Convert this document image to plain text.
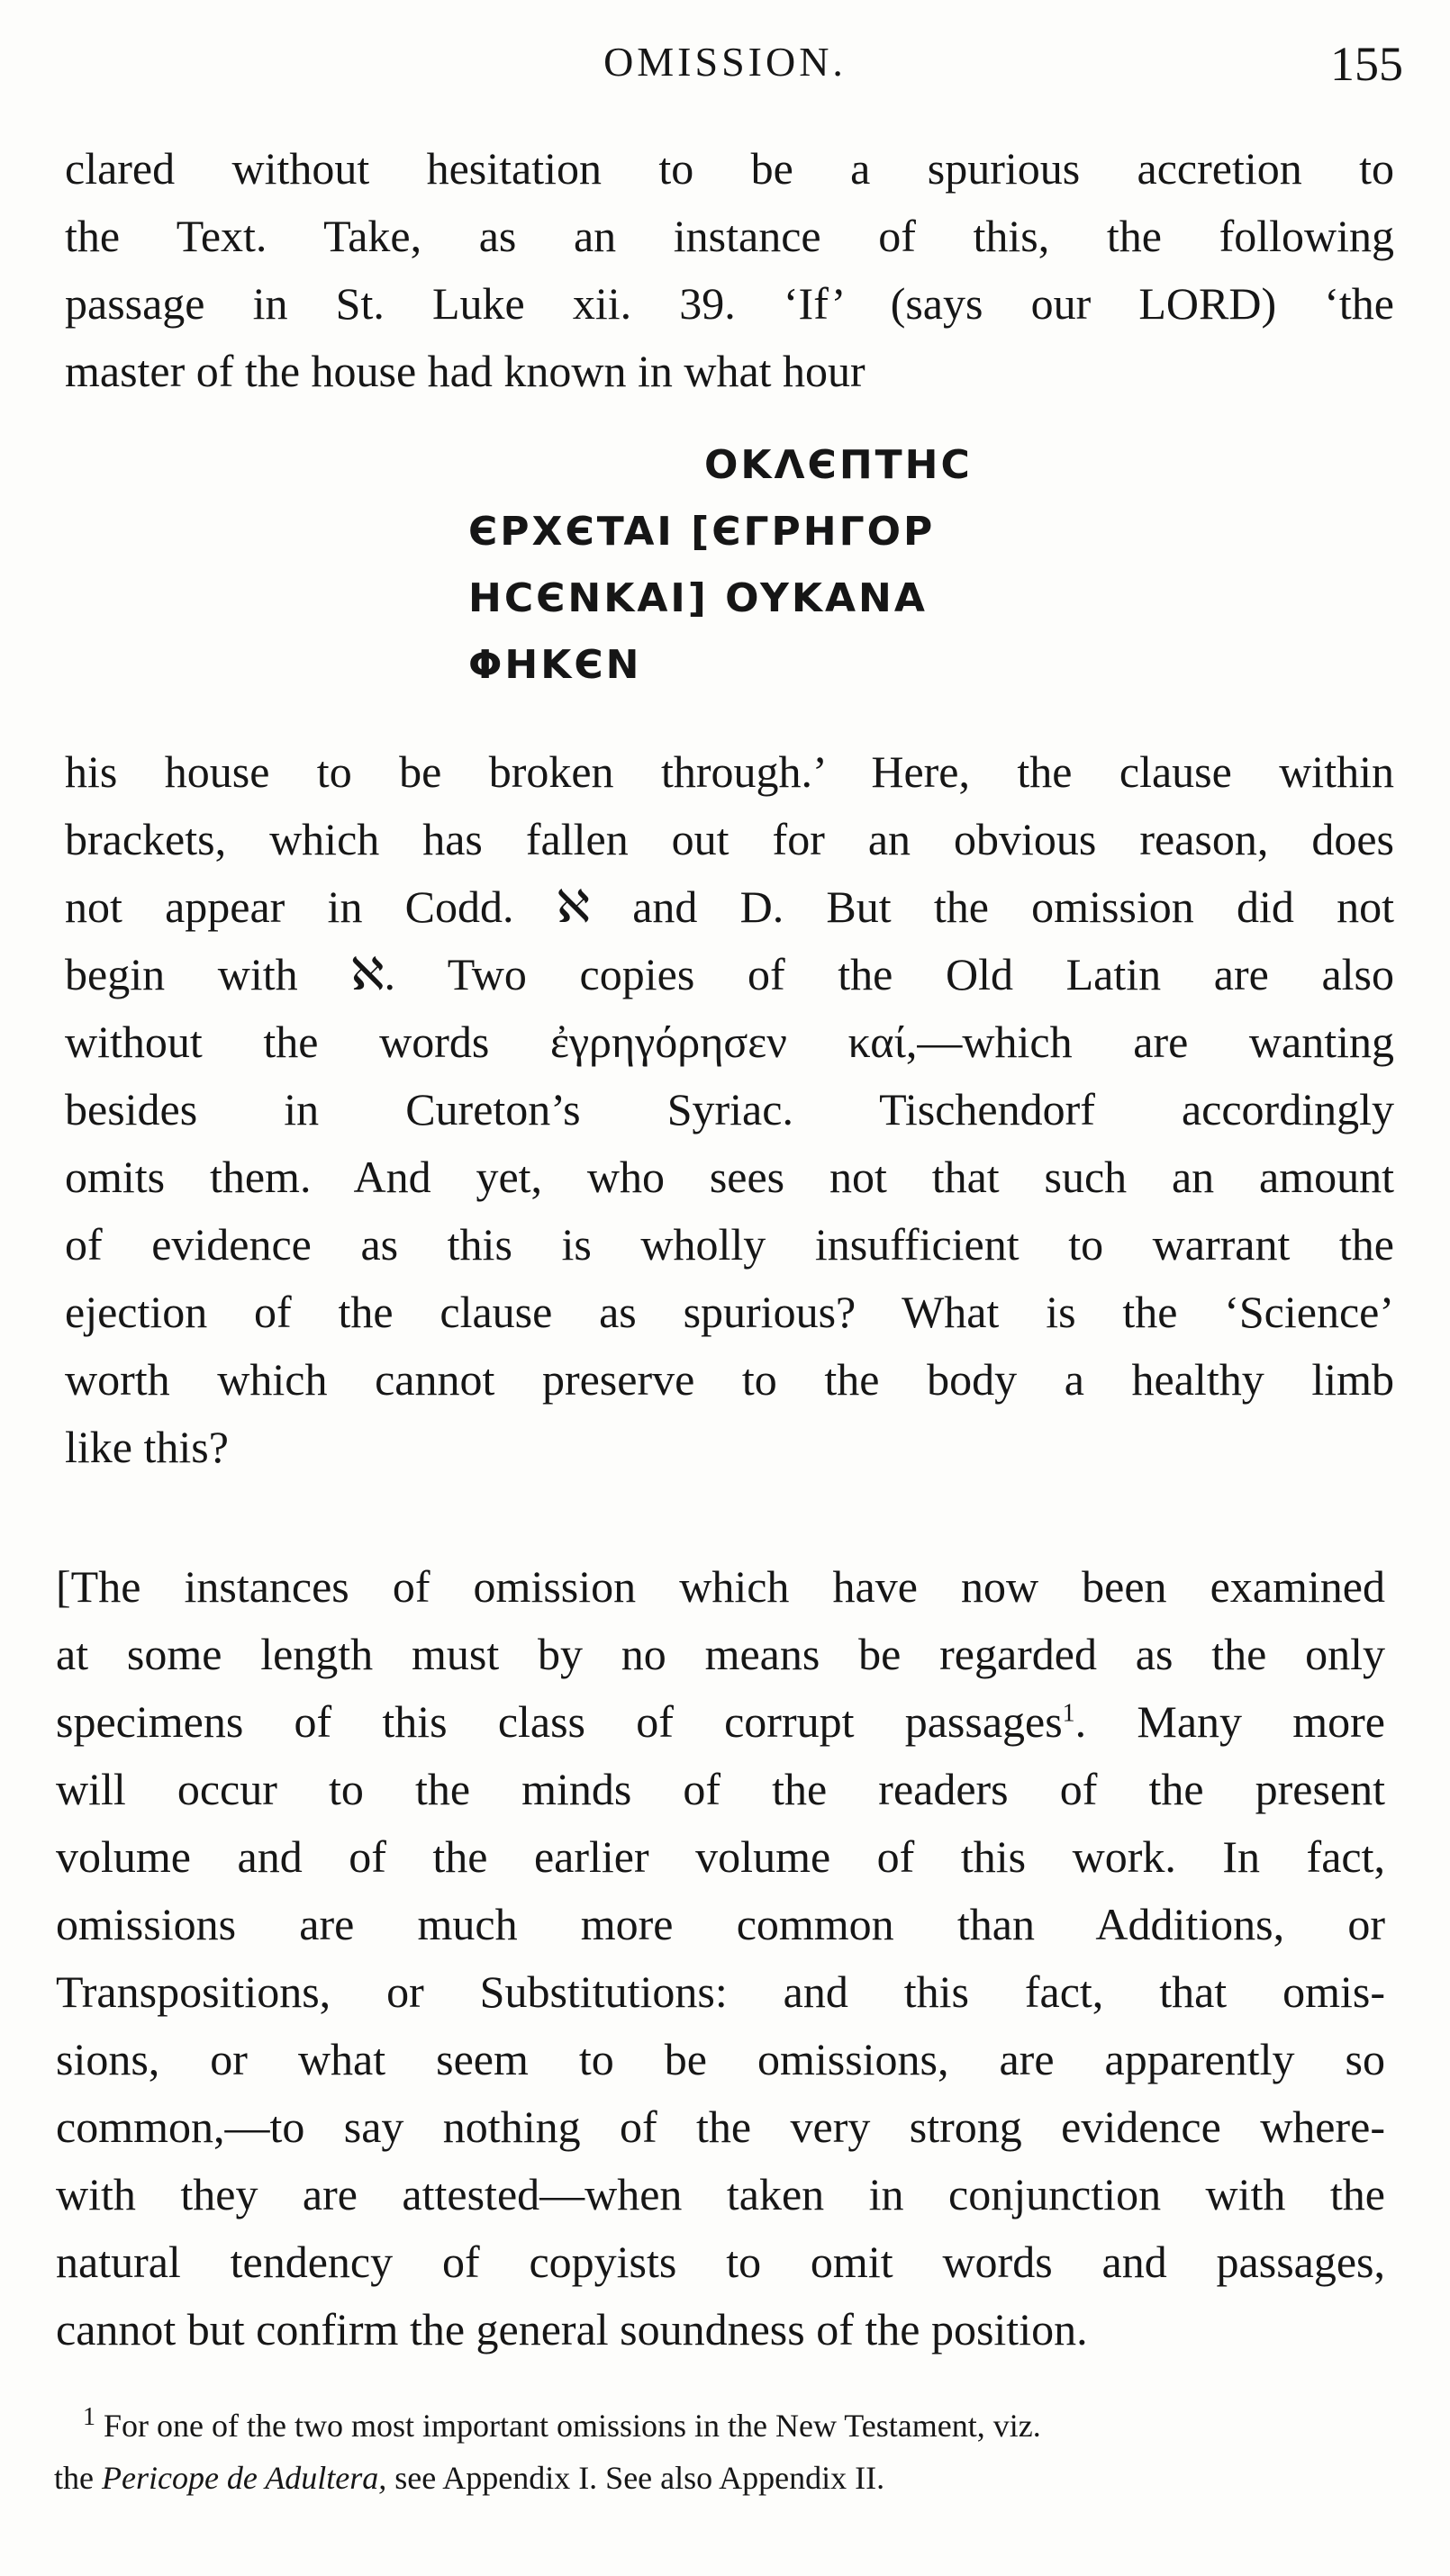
OMISSION.	155
clared without hesitation to be a spurious accretion to
the Text. Take, as an instance of this, the following
passage in St. Luke xii. 39. ‘If’ (says our LORD) ‘the
master of the house had known in what hour
OKΛЄΠTHC
ЄPXЄTAI [ЄΓPHΓOP
HCЄNKAI] OYKANA
ΦHKЄN
his house to be broken through.’ Here, the clause within
brackets, which has fallen out for an obvious reason, does
not appear in Codd. ℵ and D. But the omission did not
begin with ℵ. Two copies of the Old Latin are also
without the words ἐγρηγόρησεν καί,—which are wanting
besides in Cureton’s Syriac. Tischendorf accordingly
omits them. And yet, who sees not that such an amount
of evidence as this is wholly insufficient to warrant the
ejection of the clause as spurious? What is the ‘Science’
worth which cannot preserve to the body a healthy limb
like this?
[The instances of omission which have now been examined
at some length must by no means be regarded as the only
specimens of this class of corrupt passages$^1$. Many more
will occur to the minds of the readers of the present
volume and of the earlier volume of this work. In fact,
omissions are much more common than Additions, or
Transpositions, or Substitutions: and this fact, that omis-
sions, or what seem to be omissions, are apparently so
common,—to say nothing of the very strong evidence where-
with they are attested—when taken in conjunction with the
natural tendency of copyists to omit words and passages,
cannot but confirm the general soundness of the position.
$^1$ For one of the two most important omissions in the New Testament, viz.
the Pericope de Adultera, see Appendix I. See also Appendix II.
